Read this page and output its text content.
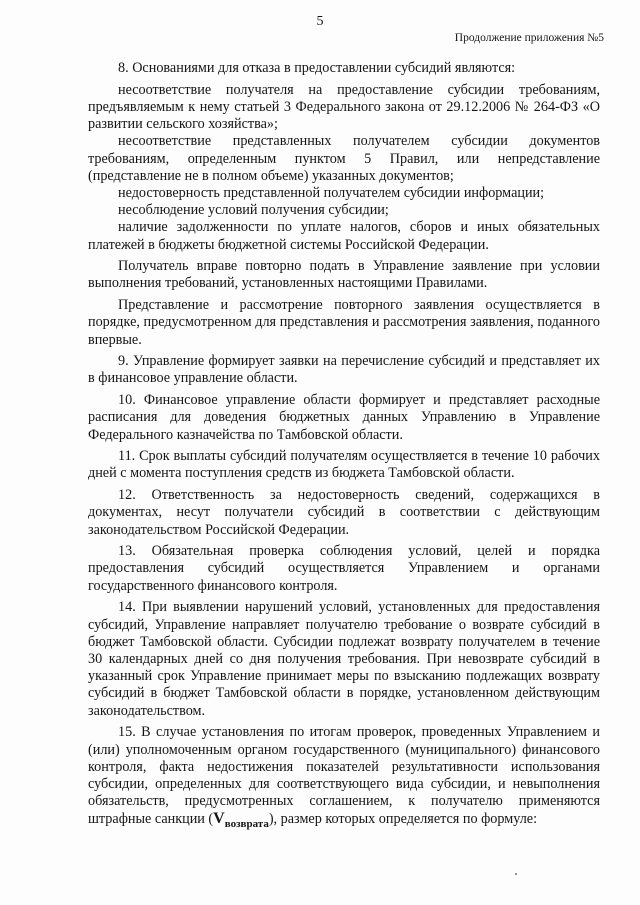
5
Продолжение приложения №5

8. Основаниями для отказа в предоставлении субсидий являются:

несоответствие получателя на предоставление субсидии требованиям, предъявляемым к нему статьей 3 Федерального закона от 29.12.2006 № 264-ФЗ «О развитии сельского хозяйства»;

несоответствие представленных получателем субсидии документов требованиям, определенным пунктом 5 Правил, или непредставление (представление не в полном объеме) указанных документов;

недостоверность представленной получателем субсидии информации;

несоблюдение условий получения субсидии;

наличие задолженности по уплате налогов, сборов и иных обязательных платежей в бюджеты бюджетной системы Российской Федерации.

Получатель вправе повторно подать в Управление заявление при условии выполнения требований, установленных настоящими Правилами.

Представление и рассмотрение повторного заявления осуществляется в порядке, предусмотренном для представления и рассмотрения заявления, поданного впервые.

9. Управление формирует заявки на перечисление субсидий и представляет их в финансовое управление области.

10. Финансовое управление области формирует и представляет расходные расписания для доведения бюджетных данных Управлению в Управление Федерального казначейства по Тамбовской области.

11. Срок выплаты субсидий получателям осуществляется в течение 10 рабочих дней с момента поступления средств из бюджета Тамбовской области.

12. Ответственность за недостоверность сведений, содержащихся в документах, несут получатели субсидий в соответствии с действующим законодательством Российской Федерации.

13. Обязательная проверка соблюдения условий, целей и порядка предоставления субсидий осуществляется Управлением и органами государственного финансового контроля.

14. При выявлении нарушений условий, установленных для предоставления субсидий, Управление направляет получателю требование о возврате субсидий в бюджет Тамбовской области. Субсидии подлежат возврату получателем в течение 30 календарных дней со дня получения требования. При невозврате субсидий в указанный срок Управление принимает меры по взысканию подлежащих возврату субсидий в бюджет Тамбовской области в порядке, установленном действующим законодательством.

15. В случае установления по итогам проверок, проведенных Управлением и (или) уполномоченным органом государственного (муниципального) финансового контроля, факта недостижения показателей результативности использования субсидии, определенных для соответствующего вида субсидии, и невыполнения обязательств, предусмотренных соглашением, к получателю применяются штрафные санкции $(V_{возврата})$, размер которых определяется по формуле:
